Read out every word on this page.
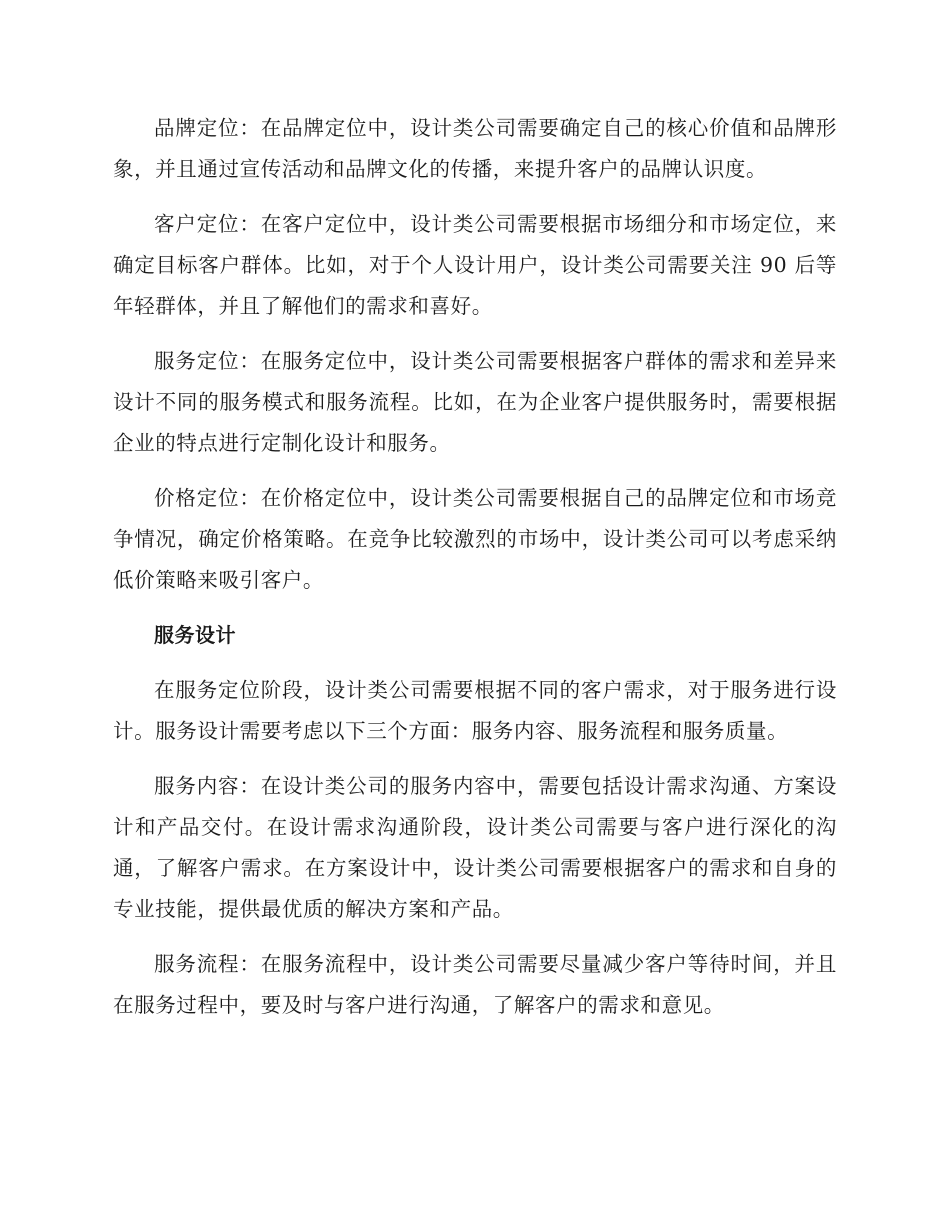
品牌定位：在品牌定位中，设计类公司需要确定自己的核心价值和品牌形象，并且通过宣传活动和品牌文化的传播，来提升客户的品牌认识度。

客户定位：在客户定位中，设计类公司需要根据市场细分和市场定位，来确定目标客户群体。比如，对于个人设计用户，设计类公司需要关注 90 后等年轻群体，并且了解他们的需求和喜好。

服务定位：在服务定位中，设计类公司需要根据客户群体的需求和差异来设计不同的服务模式和服务流程。比如，在为企业客户提供服务时，需要根据企业的特点进行定制化设计和服务。

价格定位：在价格定位中，设计类公司需要根据自己的品牌定位和市场竞争情况，确定价格策略。在竞争比较激烈的市场中，设计类公司可以考虑采纳低价策略来吸引客户。

服务设计

在服务定位阶段，设计类公司需要根据不同的客户需求，对于服务进行设计。服务设计需要考虑以下三个方面：服务内容、服务流程和服务质量。

服务内容：在设计类公司的服务内容中，需要包括设计需求沟通、方案设计和产品交付。在设计需求沟通阶段，设计类公司需要与客户进行深化的沟通，了解客户需求。在方案设计中，设计类公司需要根据客户的需求和自身的专业技能，提供最优质的解决方案和产品。

服务流程：在服务流程中，设计类公司需要尽量减少客户等待时间，并且在服务过程中，要及时与客户进行沟通，了解客户的需求和意见。
